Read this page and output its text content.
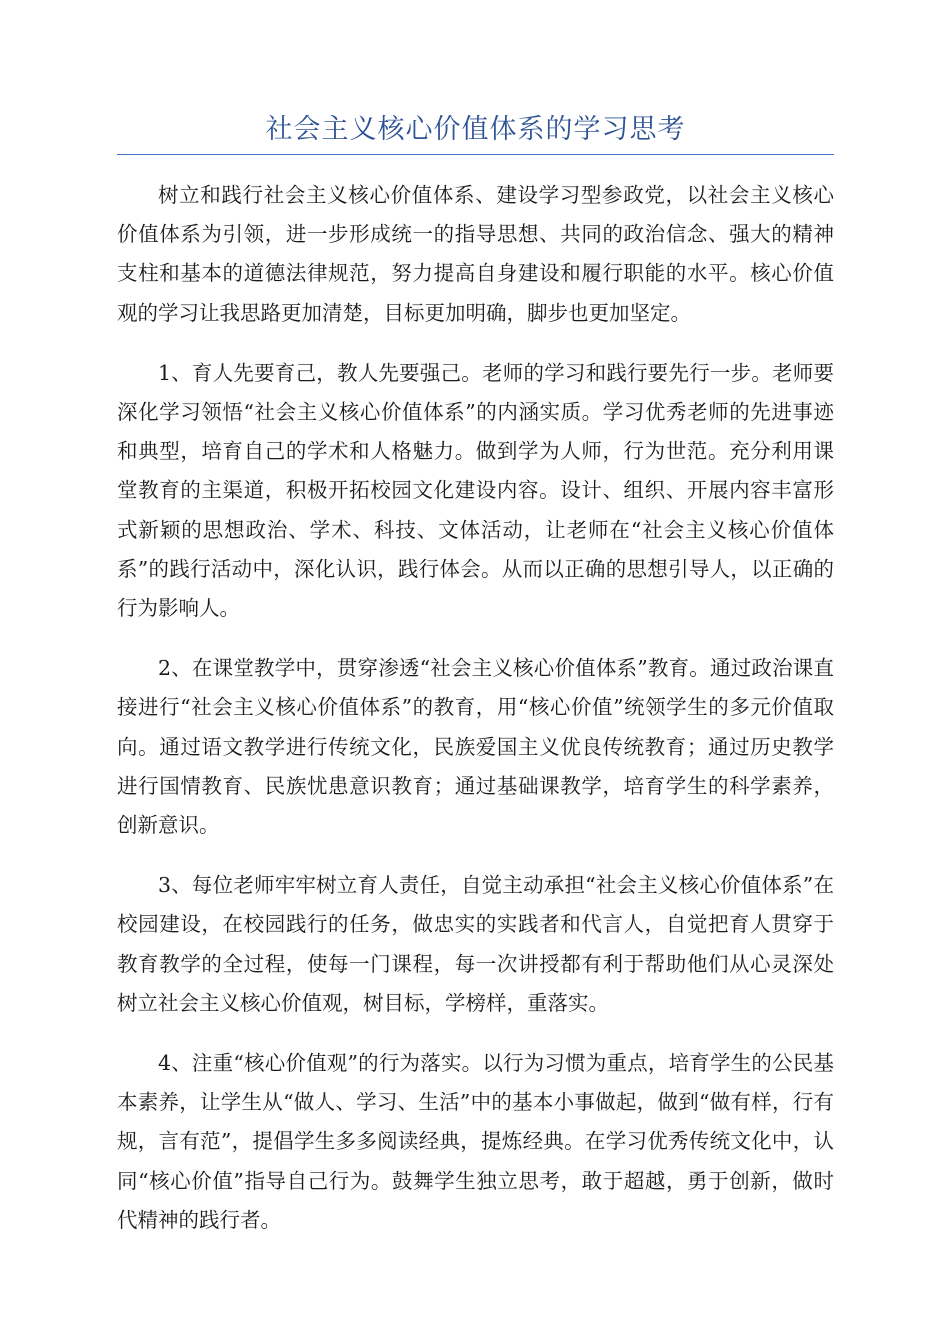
社会主义核心价值体系的学习思考

树立和践行社会主义核心价值体系、建设学习型参政党，以社会主义核心价值体系为引领，进一步形成统一的指导思想、共同的政治信念、强大的精神支柱和基本的道德法律规范，努力提高自身建设和履行职能的水平。核心价值观的学习让我思路更加清楚，目标更加明确，脚步也更加坚定。

1、育人先要育己，教人先要强己。老师的学习和践行要先行一步。老师要深化学习领悟“社会主义核心价值体系”的内涵实质。学习优秀老师的先进事迹和典型，培育自己的学术和人格魅力。做到学为人师，行为世范。充分利用课堂教育的主渠道，积极开拓校园文化建设内容。设计、组织、开展内容丰富形式新颖的思想政治、学术、科技、文体活动，让老师在“社会主义核心价值体系”的践行活动中，深化认识，践行体会。从而以正确的思想引导人，以正确的行为影响人。

2、在课堂教学中，贯穿渗透“社会主义核心价值体系”教育。通过政治课直接进行“社会主义核心价值体系”的教育，用“核心价值”统领学生的多元价值取向。通过语文教学进行传统文化，民族爱国主义优良传统教育；通过历史教学进行国情教育、民族忧患意识教育；通过基础课教学，培育学生的科学素养，创新意识。

3、每位老师牢牢树立育人责任，自觉主动承担“社会主义核心价值体系”在校园建设，在校园践行的任务，做忠实的实践者和代言人，自觉把育人贯穿于教育教学的全过程，使每一门课程，每一次讲授都有利于帮助他们从心灵深处树立社会主义核心价值观，树目标，学榜样，重落实。

4、注重“核心价值观”的行为落实。以行为习惯为重点，培育学生的公民基本素养，让学生从“做人、学习、生活”中的基本小事做起，做到“做有样，行有规，言有范”，提倡学生多多阅读经典，提炼经典。在学习优秀传统文化中，认同“核心价值”指导自己行为。鼓舞学生独立思考，敢于超越，勇于创新，做时代精神的践行者。
